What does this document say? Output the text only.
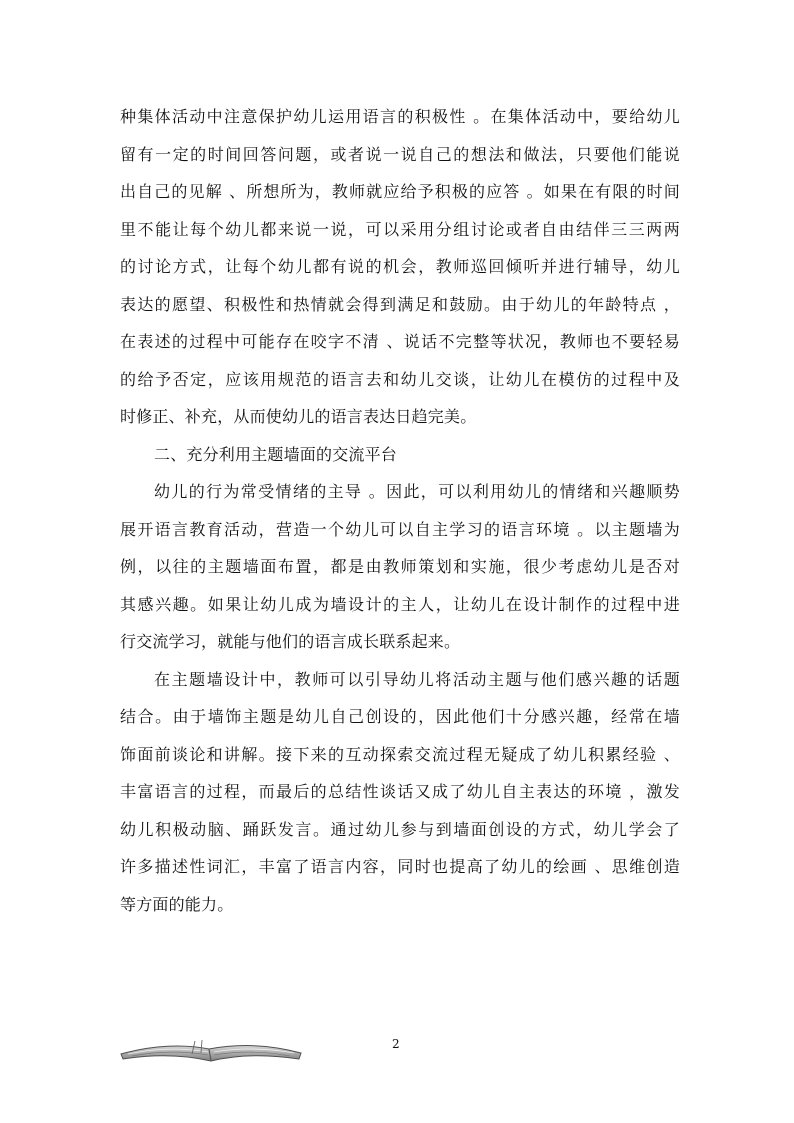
种集体活动中注意保护幼儿运用语言的积极性 。在集体活动中，要给幼儿
留有一定的时间回答问题，或者说一说自己的想法和做法，只要他们能说
出自己的见解 、所想所为，教师就应给予积极的应答 。如果在有限的时间
里不能让每个幼儿都来说一说，可以采用分组讨论或者自由结伴三三两两
的讨论方式，让每个幼儿都有说的机会，教师巡回倾听并进行辅导，幼儿
表达的愿望、积极性和热情就会得到满足和鼓励。由于幼儿的年龄特点 ，
在表述的过程中可能存在咬字不清 、说话不完整等状况，教师也不要轻易
的给予否定，应该用规范的语言去和幼儿交谈，让幼儿在模仿的过程中及
时修正、补充，从而使幼儿的语言表达日趋完美。
二、充分利用主题墙面的交流平台
幼儿的行为常受情绪的主导 。因此，可以利用幼儿的情绪和兴趣顺势
展开语言教育活动，营造一个幼儿可以自主学习的语言环境 。以主题墙为
例，以往的主题墙面布置，都是由教师策划和实施，很少考虑幼儿是否对
其感兴趣。如果让幼儿成为墙设计的主人，让幼儿在设计制作的过程中进
行交流学习，就能与他们的语言成长联系起来。
在主题墙设计中，教师可以引导幼儿将活动主题与他们感兴趣的话题
结合。由于墙饰主题是幼儿自己创设的，因此他们十分感兴趣，经常在墙
饰面前谈论和讲解。接下来的互动探索交流过程无疑成了幼儿积累经验 、
丰富语言的过程，而最后的总结性谈话又成了幼儿自主表达的环境 ，激发
幼儿积极动脑、踊跃发言。通过幼儿参与到墙面创设的方式，幼儿学会了
许多描述性词汇，丰富了语言内容，同时也提高了幼儿的绘画 、思维创造
等方面的能力。
2
